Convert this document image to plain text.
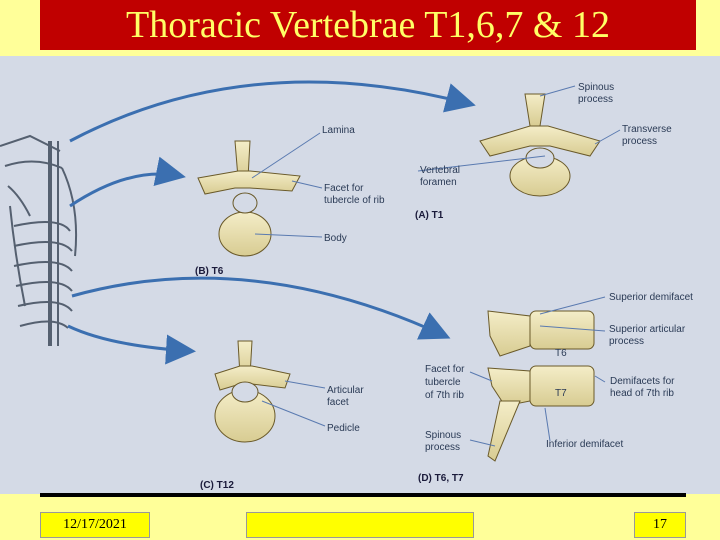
Thoracic Vertebrae T1,6,7 & 12
Spinous
process
Lamina	Transverse
process
Vertebral
foramen
Facet for
tubercle of rib
Body
Superior demifacet
Superior articular
process
T6
T7
Facet for
tubercle
of 7th rib
Demifacets for
head of 7th rib
Articular
facet
Pedicle
Spinous
process	Inferior demifacet
(A) T1
(B) T6
(C) T12
(D) T6, T7
12/17/2021	17
